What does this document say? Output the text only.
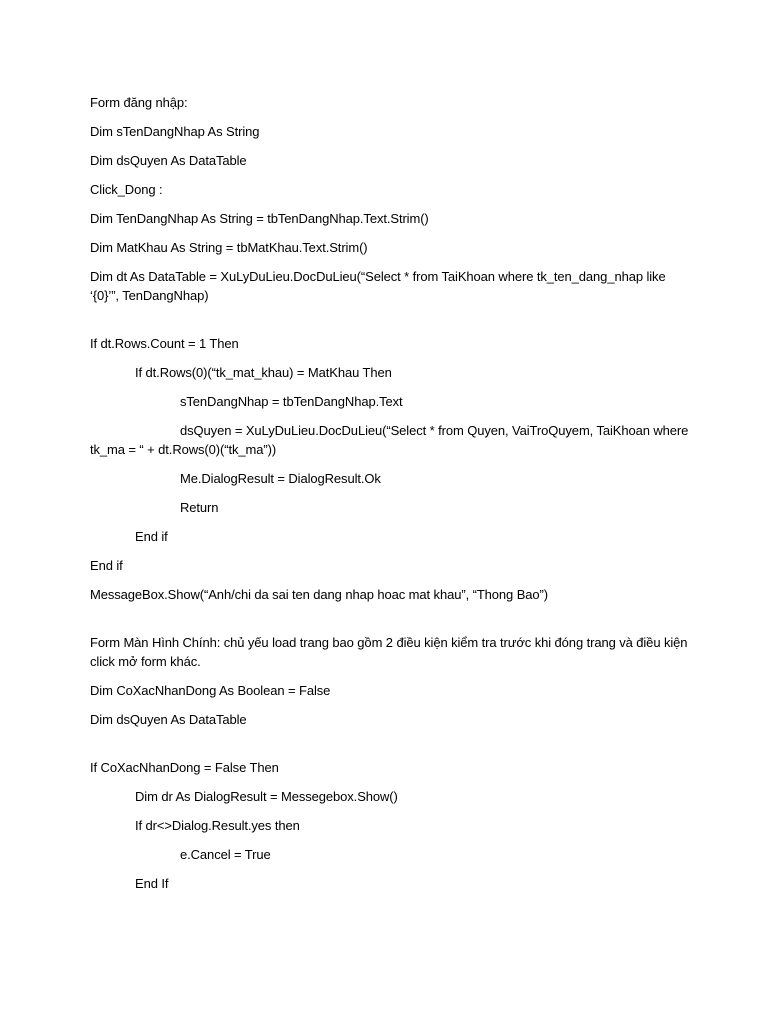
Form đăng nhập:

Dim sTenDangNhap As String

Dim dsQuyen As DataTable

Click_Dong :

Dim TenDangNhap As String = tbTenDangNhap.Text.Strim()

Dim MatKhau As String = tbMatKhau.Text.Strim()

Dim dt As DataTable = XuLyDuLieu.DocDuLieu(“Select * from TaiKhoan where tk_ten_dang_nhap like ‘{0}’”, TenDangNhap)

If dt.Rows.Count = 1 Then

If dt.Rows(0)(“tk_mat_khau) = MatKhau Then

sTenDangNhap = tbTenDangNhap.Text

dsQuyen = XuLyDuLieu.DocDuLieu(“Select * from Quyen, VaiTroQuyem, TaiKhoan where tk_ma = “ + dt.Rows(0)(“tk_ma”))

Me.DialogResult = DialogResult.Ok

Return

End if

End if

MessageBox.Show(“Anh/chi da sai ten dang nhap hoac mat khau”, “Thong Bao”)

Form Màn Hình Chính: chủ yếu load trang bao gồm 2 điều kiện kiểm tra trước khi đóng trang và điều kiện click mở form khác.

Dim CoXacNhanDong As Boolean = False

Dim dsQuyen As DataTable

If CoXacNhanDong = False Then

Dim dr As DialogResult = Messegebox.Show()

If dr<>Dialog.Result.yes then

e.Cancel = True

End If
